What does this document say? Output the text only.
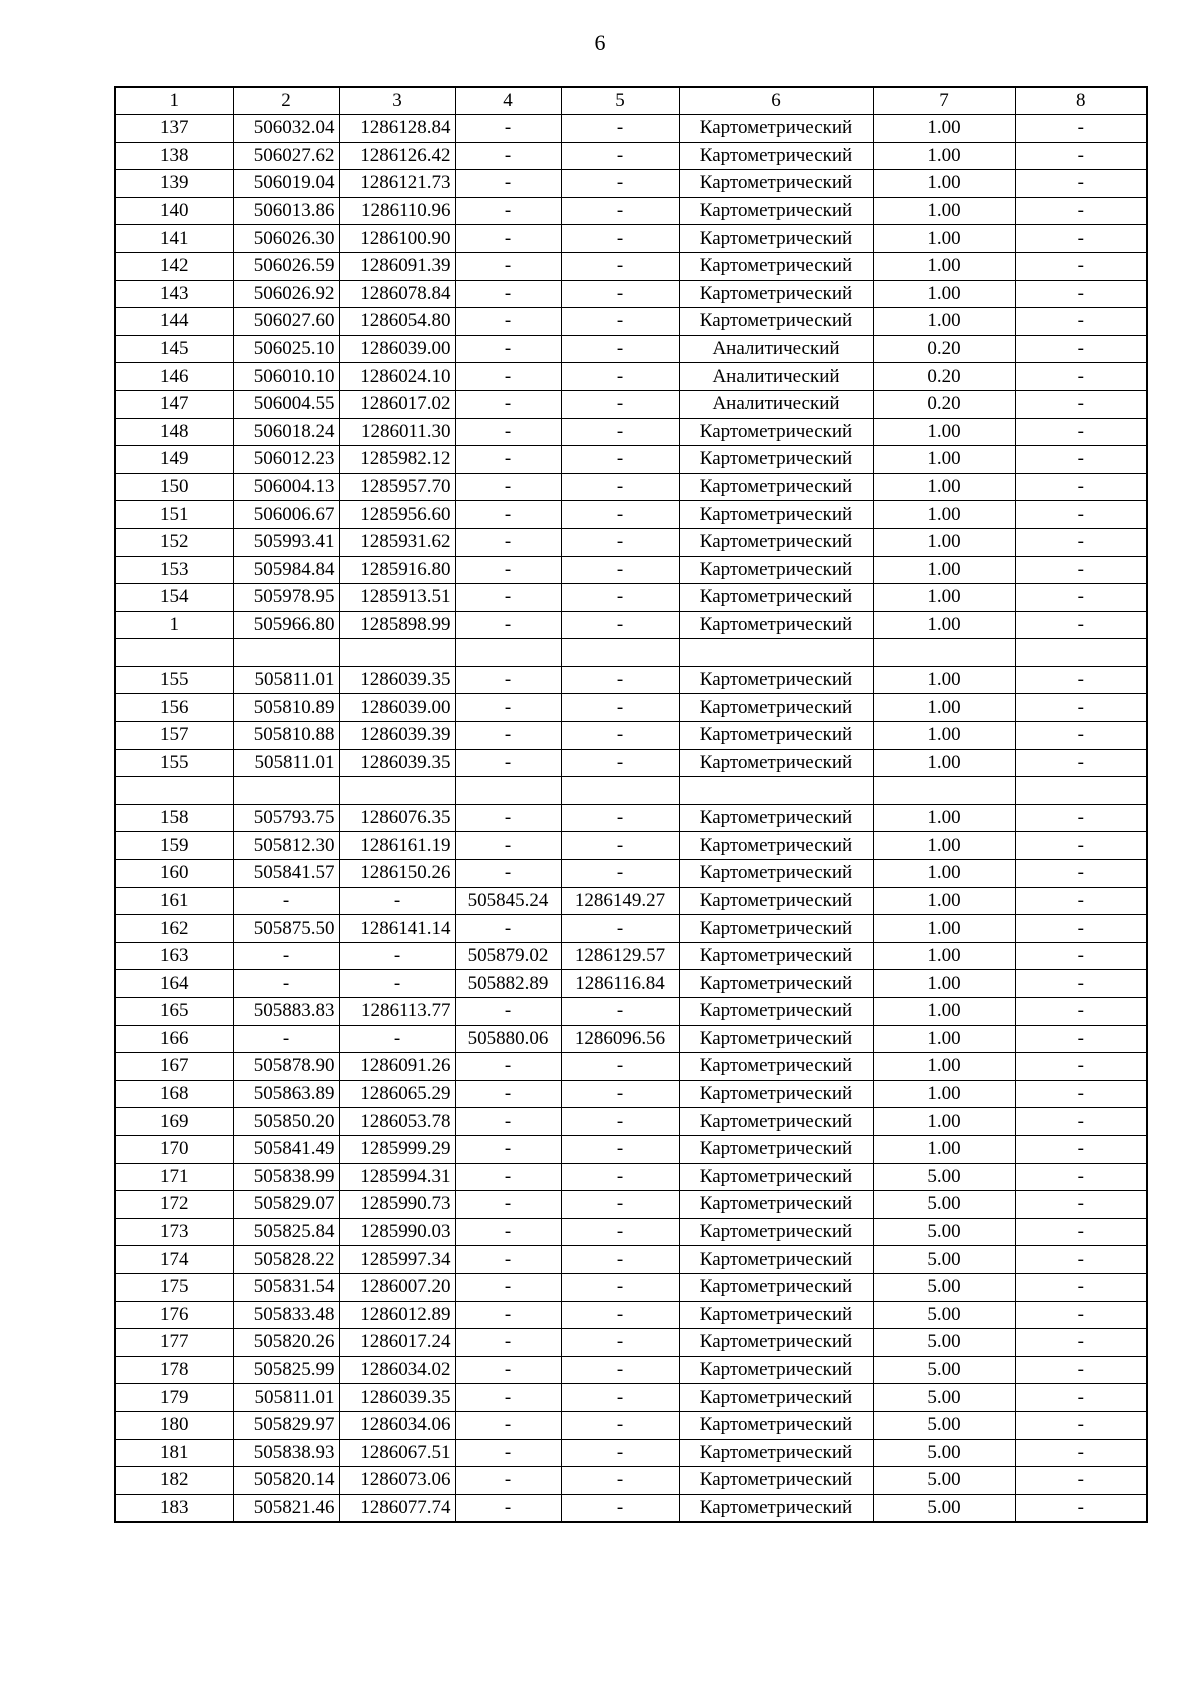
6
1	2	3	4	5	6	7	8
137	506032.04	1286128.84	-	-	Картометрический	1.00	-
138	506027.62	1286126.42	-	-	Картометрический	1.00	-
139	506019.04	1286121.73	-	-	Картометрический	1.00	-
140	506013.86	1286110.96	-	-	Картометрический	1.00	-
141	506026.30	1286100.90	-	-	Картометрический	1.00	-
142	506026.59	1286091.39	-	-	Картометрический	1.00	-
143	506026.92	1286078.84	-	-	Картометрический	1.00	-
144	506027.60	1286054.80	-	-	Картометрический	1.00	-
145	506025.10	1286039.00	-	-	Аналитический	0.20	-
146	506010.10	1286024.10	-	-	Аналитический	0.20	-
147	506004.55	1286017.02	-	-	Аналитический	0.20	-
148	506018.24	1286011.30	-	-	Картометрический	1.00	-
149	506012.23	1285982.12	-	-	Картометрический	1.00	-
150	506004.13	1285957.70	-	-	Картометрический	1.00	-
151	506006.67	1285956.60	-	-	Картометрический	1.00	-
152	505993.41	1285931.62	-	-	Картометрический	1.00	-
153	505984.84	1285916.80	-	-	Картометрический	1.00	-
154	505978.95	1285913.51	-	-	Картометрический	1.00	-
1	505966.80	1285898.99	-	-	Картометрический	1.00	-

155	505811.01	1286039.35	-	-	Картометрический	1.00	-
156	505810.89	1286039.00	-	-	Картометрический	1.00	-
157	505810.88	1286039.39	-	-	Картометрический	1.00	-
155	505811.01	1286039.35	-	-	Картометрический	1.00	-

158	505793.75	1286076.35	-	-	Картометрический	1.00	-
159	505812.30	1286161.19	-	-	Картометрический	1.00	-
160	505841.57	1286150.26	-	-	Картометрический	1.00	-
161	-	-	505845.24	1286149.27	Картометрический	1.00	-
162	505875.50	1286141.14	-	-	Картометрический	1.00	-
163	-	-	505879.02	1286129.57	Картометрический	1.00	-
164	-	-	505882.89	1286116.84	Картометрический	1.00	-
165	505883.83	1286113.77	-	-	Картометрический	1.00	-
166	-	-	505880.06	1286096.56	Картометрический	1.00	-
167	505878.90	1286091.26	-	-	Картометрический	1.00	-
168	505863.89	1286065.29	-	-	Картометрический	1.00	-
169	505850.20	1286053.78	-	-	Картометрический	1.00	-
170	505841.49	1285999.29	-	-	Картометрический	1.00	-
171	505838.99	1285994.31	-	-	Картометрический	5.00	-
172	505829.07	1285990.73	-	-	Картометрический	5.00	-
173	505825.84	1285990.03	-	-	Картометрический	5.00	-
174	505828.22	1285997.34	-	-	Картометрический	5.00	-
175	505831.54	1286007.20	-	-	Картометрический	5.00	-
176	505833.48	1286012.89	-	-	Картометрический	5.00	-
177	505820.26	1286017.24	-	-	Картометрический	5.00	-
178	505825.99	1286034.02	-	-	Картометрический	5.00	-
179	505811.01	1286039.35	-	-	Картометрический	5.00	-
180	505829.97	1286034.06	-	-	Картометрический	5.00	-
181	505838.93	1286067.51	-	-	Картометрический	5.00	-
182	505820.14	1286073.06	-	-	Картометрический	5.00	-
183	505821.46	1286077.74	-	-	Картометрический	5.00	-
